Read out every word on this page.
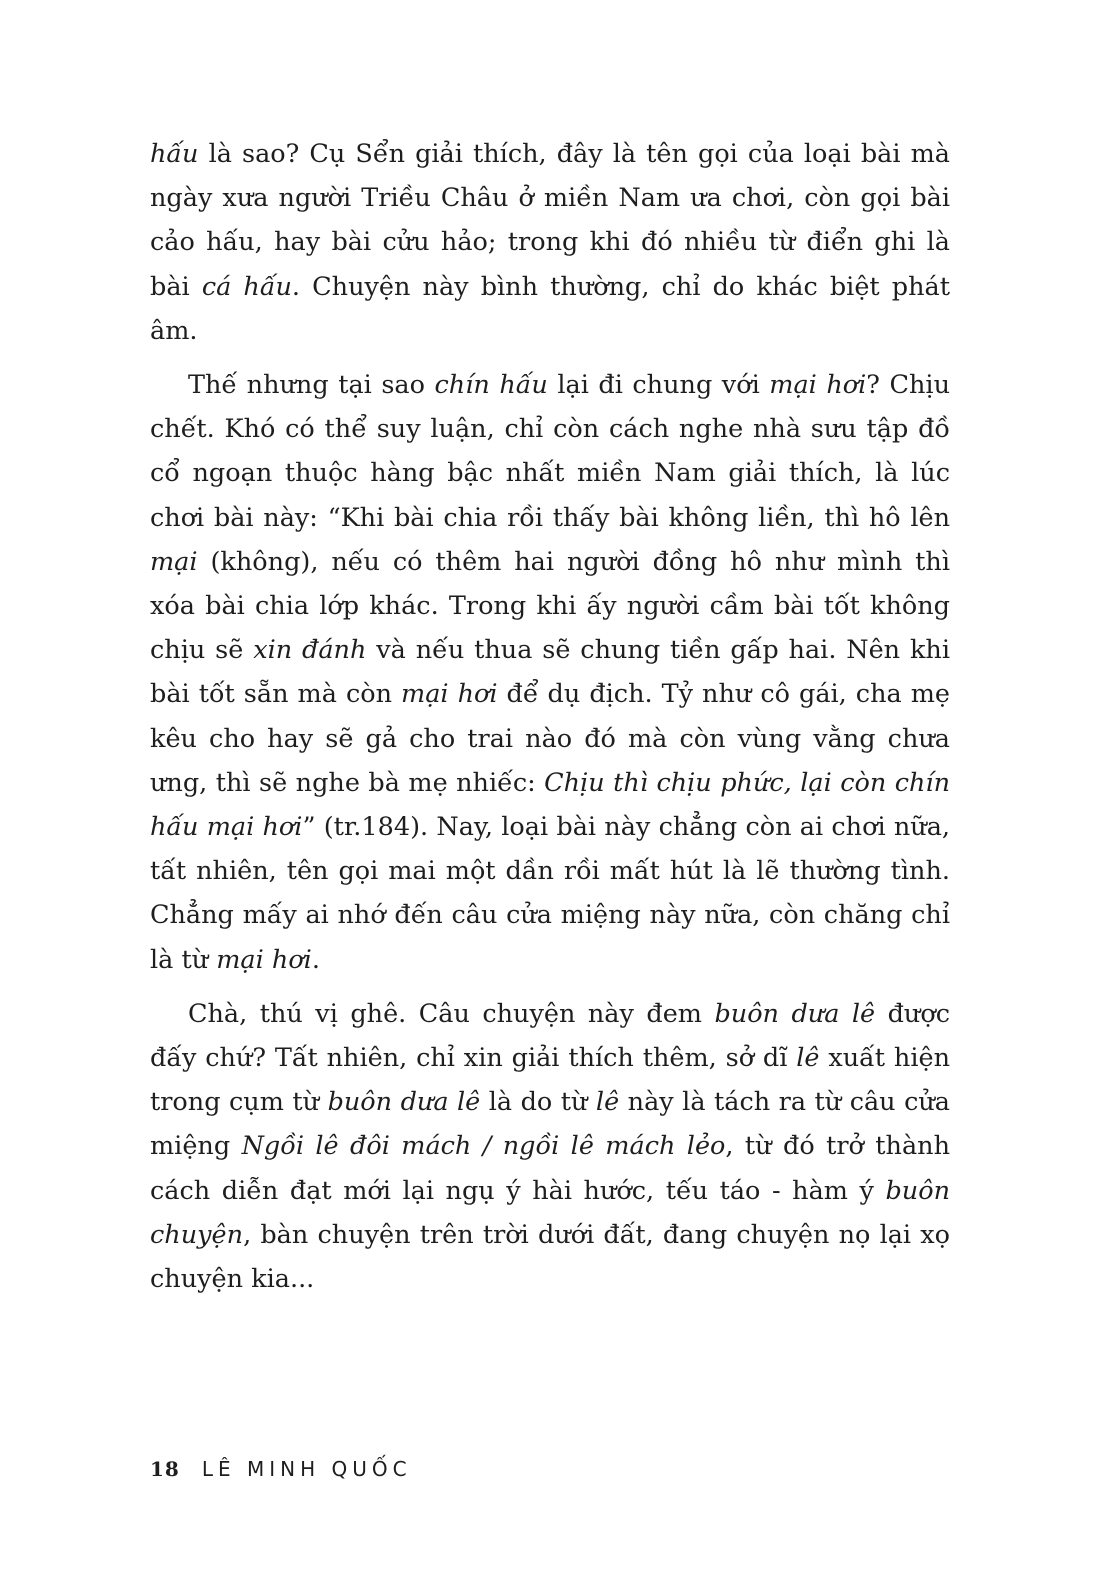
hấu là sao? Cụ Sển giải thích, đây là tên gọi của loại bài mà ngày xưa người Triều Châu ở miền Nam ưa chơi, còn gọi bài cảo hấu, hay bài cửu hảo; trong khi đó nhiều từ điển ghi là bài cá hấu. Chuyện này bình thường, chỉ do khác biệt phát âm.

Thế nhưng tại sao chín hấu lại đi chung với mại hơi? Chịu chết. Khó có thể suy luận, chỉ còn cách nghe nhà sưu tập đồ cổ ngoạn thuộc hàng bậc nhất miền Nam giải thích, là lúc chơi bài này: “Khi bài chia rồi thấy bài không liền, thì hô lên mại (không), nếu có thêm hai người đồng hô như mình thì xóa bài chia lớp khác. Trong khi ấy người cầm bài tốt không chịu sẽ xin đánh và nếu thua sẽ chung tiền gấp hai. Nên khi bài tốt sẵn mà còn mại hơi để dụ địch. Tỷ như cô gái, cha mẹ kêu cho hay sẽ gả cho trai nào đó mà còn vùng vằng chưa ưng, thì sẽ nghe bà mẹ nhiếc: Chịu thì chịu phức, lại còn chín hấu mại hơi” (tr.184). Nay, loại bài này chẳng còn ai chơi nữa, tất nhiên, tên gọi mai một dần rồi mất hút là lẽ thường tình. Chẳng mấy ai nhớ đến câu cửa miệng này nữa, còn chăng chỉ là từ mại hơi.

Chà, thú vị ghê. Câu chuyện này đem buôn dưa lê được đấy chứ? Tất nhiên, chỉ xin giải thích thêm, sở dĩ lê xuất hiện trong cụm từ buôn dưa lê là do từ lê này là tách ra từ câu cửa miệng Ngồi lê đôi mách / ngồi lê mách lẻo, từ đó trở thành cách diễn đạt mới lại ngụ ý hài hước, tếu táo - hàm ý buôn chuyện, bàn chuyện trên trời dưới đất, đang chuyện nọ lại xọ chuyện kia...

18 LÊ MINH QUỐC
